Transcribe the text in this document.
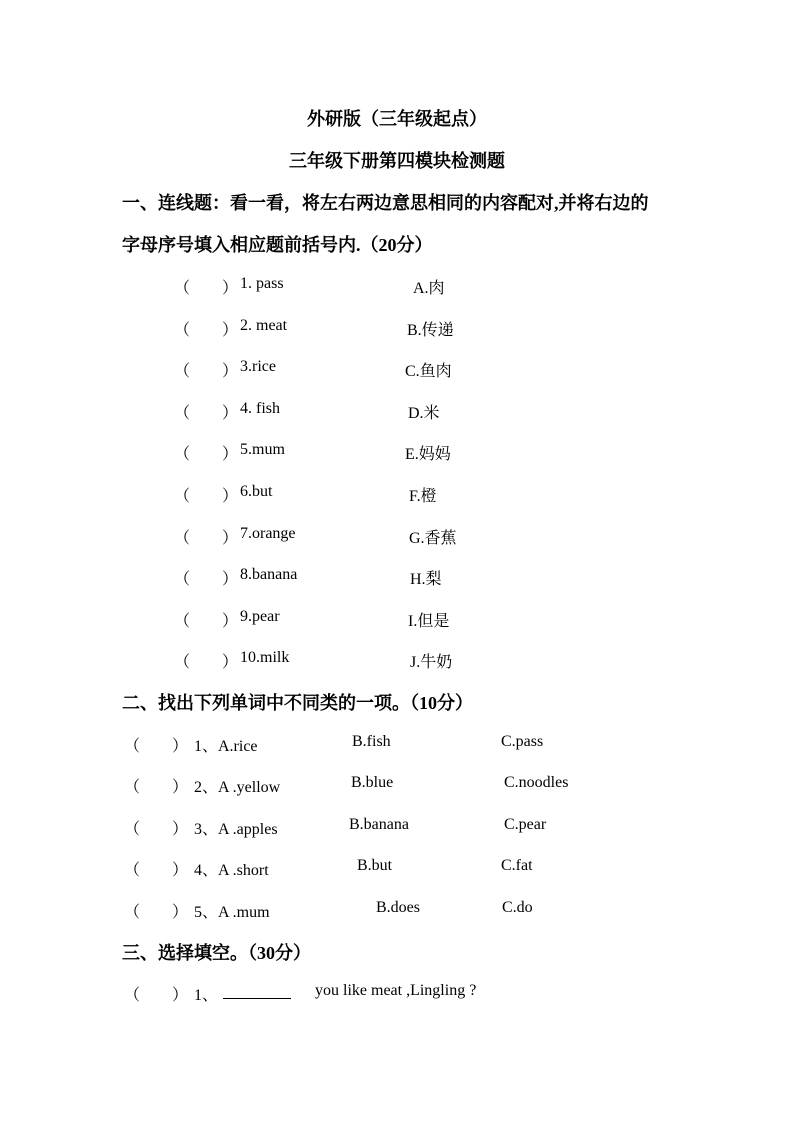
外研版（三年级起点）
三年级下册第四模块检测题
一、连线题：看一看，将左右两边意思相同的内容配对,并将右边的
字母序号填入相应题前括号内.（20分）
（ ） 1. pass	A.肉
（ ） 2. meat	B.传递
（ ） 3.rice	C.鱼肉
（ ） 4. fish	D.米
（ ） 5.mum	E.妈妈
（ ） 6.but	F.橙
（ ） 7.orange	G.香蕉
（ ） 8.banana	H.梨
（ ） 9.pear	I.但是
（ ） 10.milk	J.牛奶
二、找出下列单词中不同类的一项。（10分）
（ ） 1、A.rice	B.fish	C.pass
（ ） 2、A .yellow	B.blue	C.noodles
（ ） 3、A .apples	B.banana	C.pear
（ ） 4、A .short	B.but	C.fat
（ ） 5、A .mum	B.does	C.do
三、选择填空。（30分）
（ ） 1、	you like meat ,Lingling ?
